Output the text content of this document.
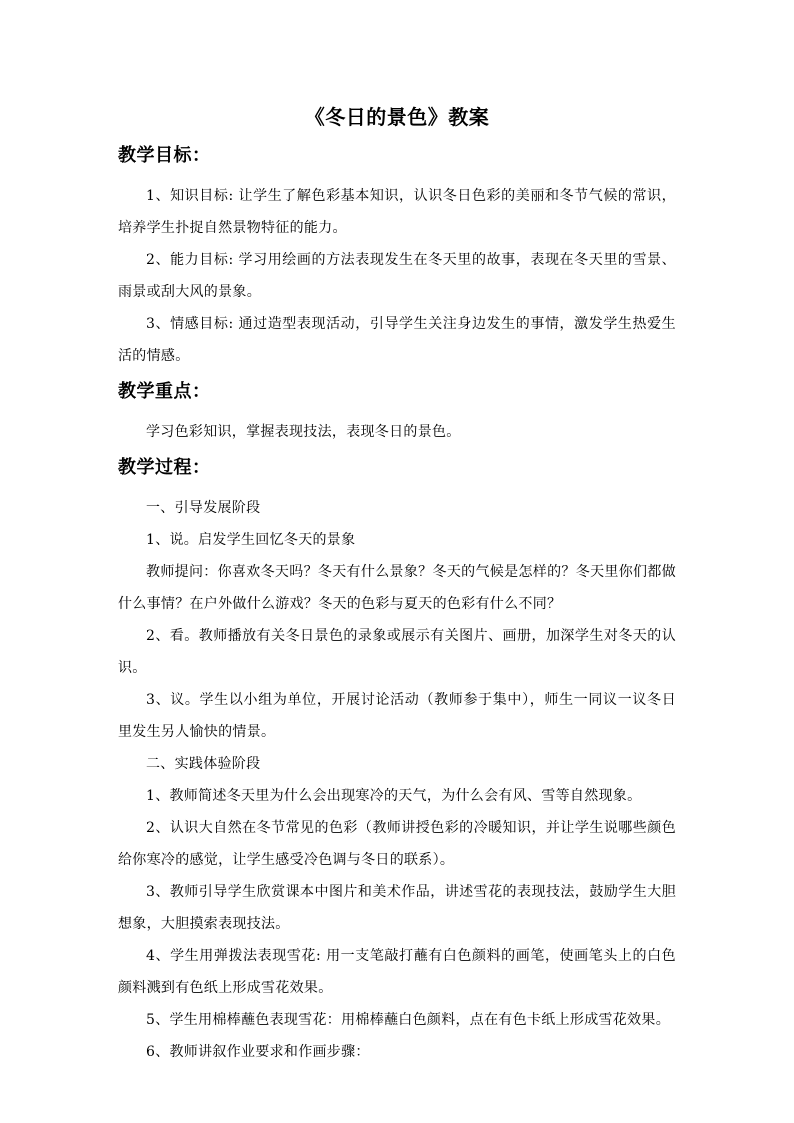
《冬日的景色》教案
教学目标：

1、知识目标: 让学生了解色彩基本知识，认识冬日色彩的美丽和冬节气候的常识，培养学生扑捉自然景物特征的能力。

2、能力目标: 学习用绘画的方法表现发生在冬天里的故事，表现在冬天里的雪景、雨景或刮大风的景象。

3、情感目标: 通过造型表现活动，引导学生关注身边发生的事情，激发学生热爱生活的情感。

教学重点：

学习色彩知识，掌握表现技法，表现冬日的景色。

教学过程：

一、引导发展阶段

1、说。启发学生回忆冬天的景象

教师提问：你喜欢冬天吗？冬天有什么景象？冬天的气候是怎样的？冬天里你们都做什么事情？在户外做什么游戏？冬天的色彩与夏天的色彩有什么不同？

2、看。教师播放有关冬日景色的录象或展示有关图片、画册，加深学生对冬天的认识。

3、议。学生以小组为单位，开展讨论活动（教师参于集中），师生一同议一议冬日里发生另人愉快的情景。

二、实践体验阶段

1、教师简述冬天里为什么会出现寒冷的天气，为什么会有风、雪等自然现象。

2、认识大自然在冬节常见的色彩（教师讲授色彩的冷暖知识，并让学生说哪些颜色给你寒冷的感觉，让学生感受冷色调与冬日的联系）。

3、教师引导学生欣赏课本中图片和美术作品，讲述雪花的表现技法，鼓励学生大胆想象，大胆摸索表现技法。

4、学生用弹拨法表现雪花: 用一支笔敲打蘸有白色颜料的画笔，使画笔头上的白色颜料溅到有色纸上形成雪花效果。

5、学生用棉棒蘸色表现雪花：用棉棒蘸白色颜料，点在有色卡纸上形成雪花效果。

6、教师讲叙作业要求和作画步骤：
